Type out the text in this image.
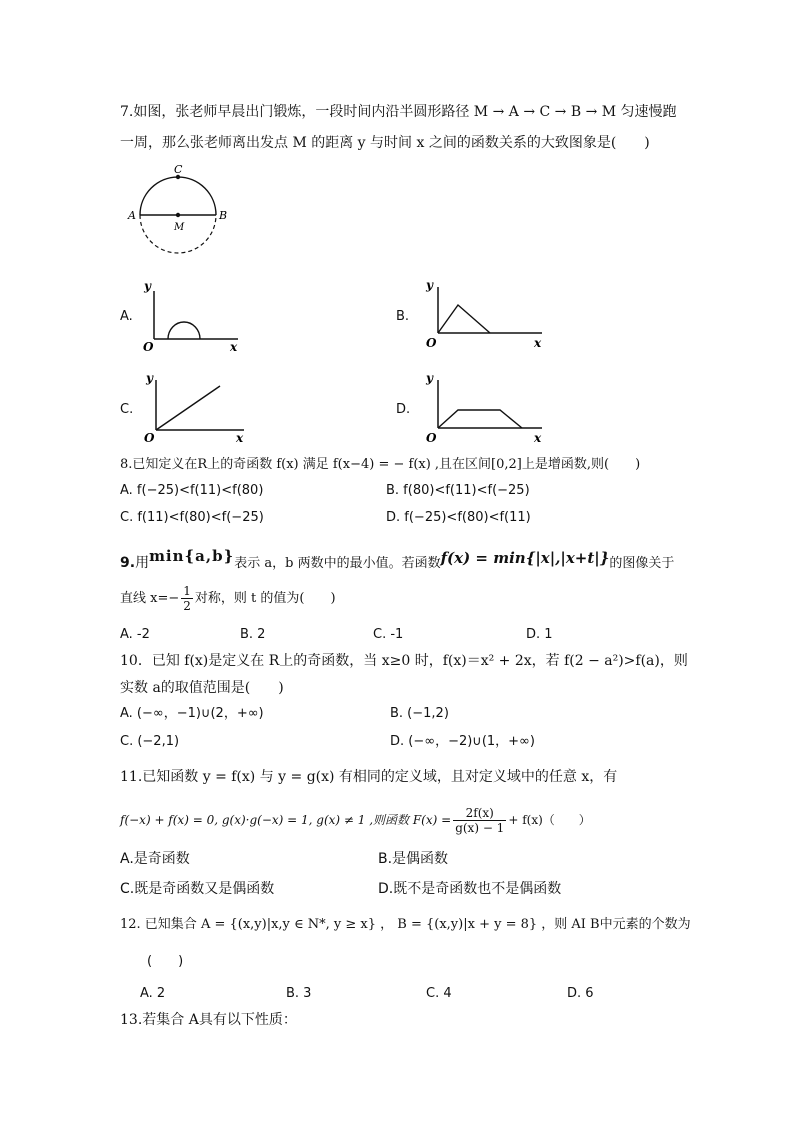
7.如图，张老师早晨出门锻炼，一段时间内沿半圆形路径 M → A → C → B → M 匀速慢跑
一周，那么张老师离出发点 M 的距离 y 与时间 x 之间的函数关系的大致图象是(　　)
C
A	B
M
A.
y
O	x
B.
y
O	x
C.
y
O	x
D.
y
O	x
8.已知定义在R上的奇函数 f(x) 满足 f(x−4) = − f(x) ,且在区间[0,2]上是增函数,则(　　)
A. f(−25)<f(11)<f(80)	B. f(80)<f(11)<f(−25)
C. f(11)<f(80)<f(−25)	D. f(−25)<f(80)<f(11)
9.用min{a,b}表示 a，b 两数中的最小值。若函数f(x) = min{|x|,|x+t|}的图像关于
直线 $x=- \frac{1}{2}$ 对称，则 t 的值为(　　)
A. -2	B. 2	C. -1	D. 1
10．已知 f(x)是定义在 R上的奇函数，当 x≥0 时，f(x)＝x² + 2x，若 f(2 − a²)>f(a)，则
实数 a的取值范围是(　　)
A. (−∞，−1)∪(2，+∞)	B. (−1,2)
C. (−2,1)	D. (−∞，−2)∪(1，+∞)
11.已知函数 y = f(x) 与 y = g(x) 有相同的定义域，且对定义域中的任意 x，有
f(−x) + f(x) = 0, g(x)·g(−x) = 1, g(x) ≠ 1 ,则函数 $F(x) = \frac{2f(x)}{g(x) - 1} + f(x)$（　　）
A.是奇函数	B.是偶函数
C.既是奇函数又是偶函数	D.既不是奇函数也不是偶函数
12. 已知集合 A = {(x,y)|x,y ∈ N*, y ≥ x} ， B = {(x,y)|x + y = 8} ，则 AI B中元素的个数为
(　　)
A. 2	B. 3	C. 4	D. 6
13.若集合 A具有以下性质：
